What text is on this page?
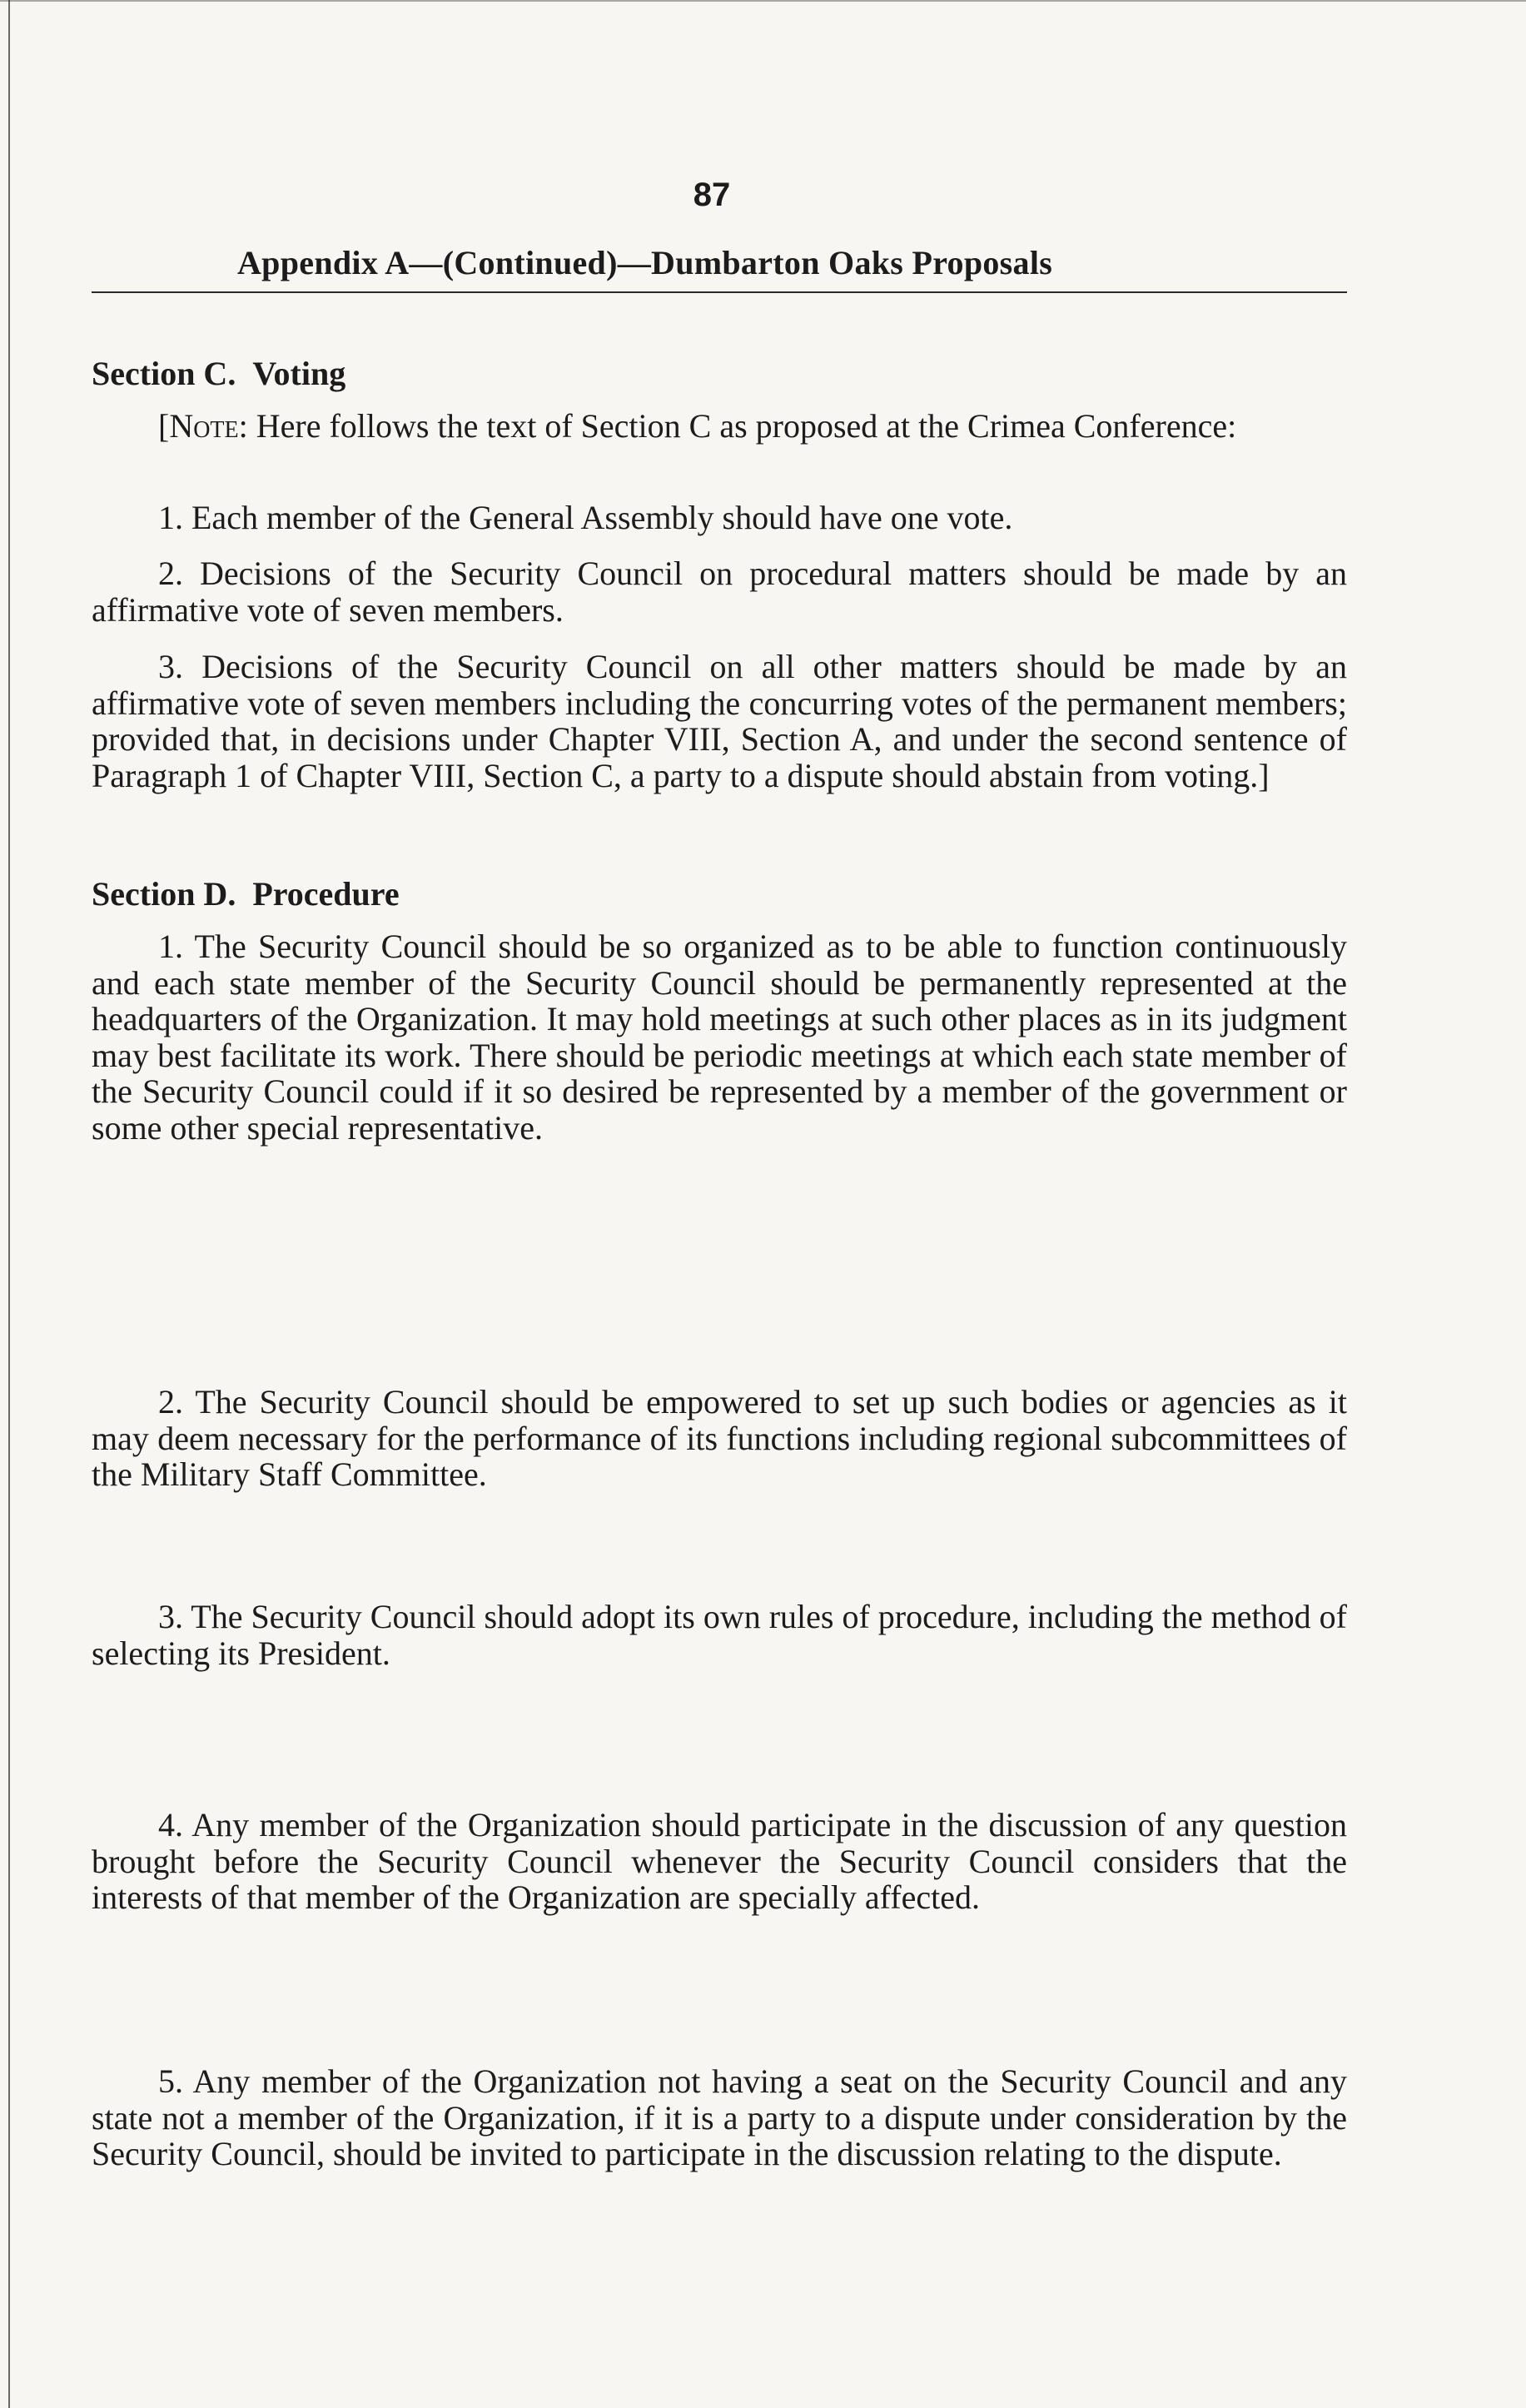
87
Appendix A—(Continued)—Dumbarton Oaks Proposals
Section C. Voting
[Note: Here follows the text of Section C as proposed at the Crimea Conference:
1. Each member of the General Assembly should have one vote.
2. Decisions of the Security Council on procedural matters should be made by an affirmative vote of seven members.
3. Decisions of the Security Council on all other matters should be made by an affirmative vote of seven members including the concurring votes of the permanent members; provided that, in decisions under Chapter VIII, Section A, and under the second sentence of Paragraph 1 of Chapter VIII, Section C, a party to a dispute should abstain from voting.]
Section D. Procedure
1. The Security Council should be so organized as to be able to function continuously and each state member of the Security Council should be permanently represented at the headquarters of the Organization. It may hold meetings at such other places as in its judgment may best facilitate its work. There should be periodic meetings at which each state member of the Security Council could if it so desired be represented by a member of the government or some other special representative.
2. The Security Council should be empowered to set up such bodies or agencies as it may deem necessary for the performance of its functions including regional subcommittees of the Military Staff Committee.
3. The Security Council should adopt its own rules of procedure, including the method of selecting its President.
4. Any member of the Organization should participate in the discussion of any question brought before the Security Council whenever the Security Council considers that the interests of that member of the Organization are specially affected.
5. Any member of the Organization not having a seat on the Security Council and any state not a member of the Organization, if it is a party to a dispute under consideration by the Security Council, should be invited to participate in the discussion relating to the dispute.
